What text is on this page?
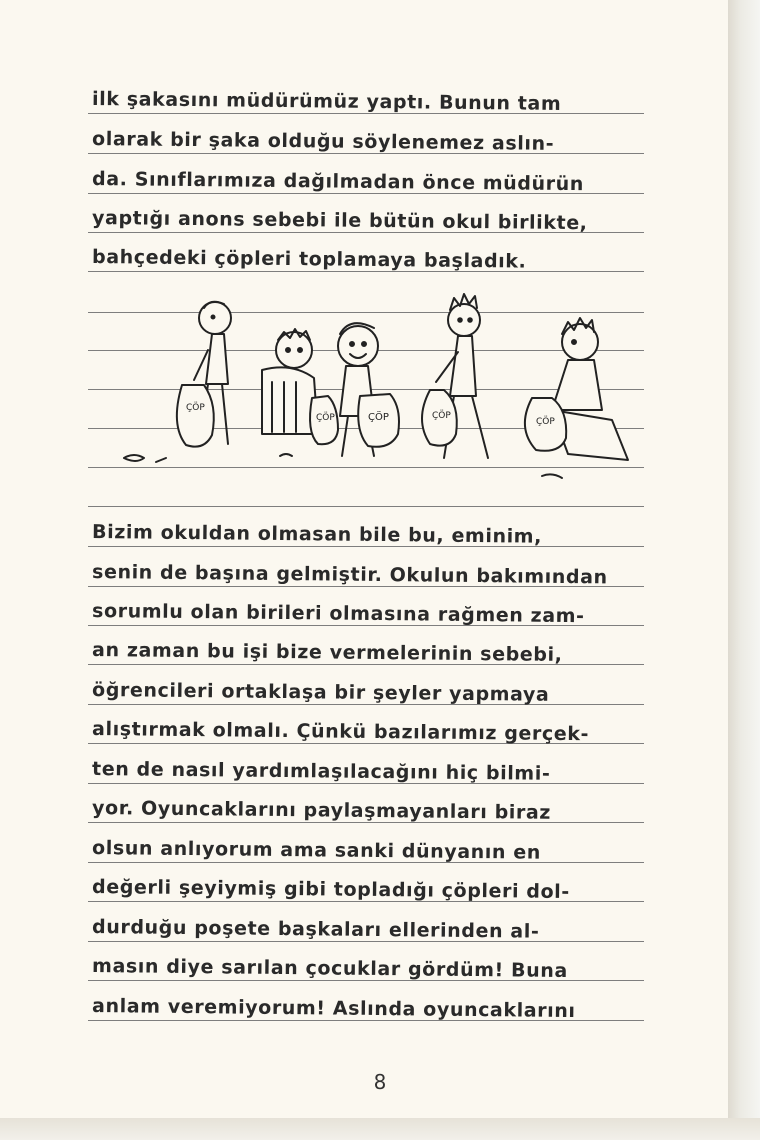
ilk şakasını müdürümüz yaptı. Bunun tam
olarak bir şaka olduğu söylenemez aslın-
da. Sınıflarımıza dağılmadan önce müdürün
yaptığı anons sebebi ile bütün okul birlikte,
bahçedeki çöpleri toplamaya başladık.
ÇÖP
ÇÖP	ÇÖP	ÇÖP
ÇÖP
Bizim okuldan olmasan bile bu, eminim,
senin de başına gelmiştir. Okulun bakımından
sorumlu olan birileri olmasına rağmen zam-
an zaman bu işi bize vermelerinin sebebi,
öğrencileri ortaklaşa bir şeyler yapmaya
alıştırmak olmalı. Çünkü bazılarımız gerçek-
ten de nasıl yardımlaşılacağını hiç bilmi-
yor. Oyuncaklarını paylaşmayanları biraz
olsun anlıyorum ama sanki dünyanın en
değerli şeyiymiş gibi topladığı çöpleri dol-
durduğu poşete başkaları ellerinden al-
masın diye sarılan çocuklar gördüm! Buna
anlam veremiyorum! Aslında oyuncaklarını
8
